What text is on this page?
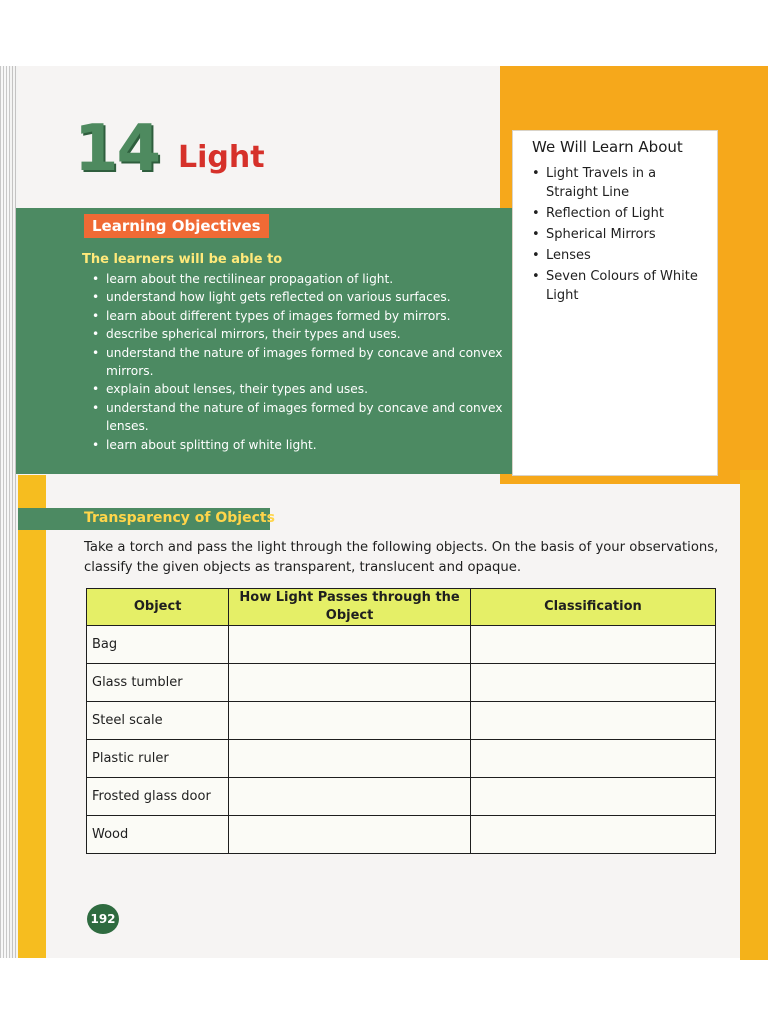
14 Light
Learning Objectives
The learners will be able to
• learn about the rectilinear propagation of light.
• understand how light gets reflected on various surfaces.
• learn about different types of images formed by mirrors.
• describe spherical mirrors, their types and uses.
• understand the nature of images formed by concave and convex mirrors.
• explain about lenses, their types and uses.
• understand the nature of images formed by concave and convex lenses.
• learn about splitting of white light.
We Will Learn About
• Light Travels in a Straight Line
• Reflection of Light
• Spherical Mirrors
• Lenses
• Seven Colours of White Light
Transparency of Objects
Take a torch and pass the light through the following objects. On the basis of your observations, classify the given objects as transparent, translucent and opaque.
Object	How Light Passes through the Object	Classification
Bag		
Glass tumbler		
Steel scale		
Plastic ruler		
Frosted glass door		
Wood		
192
